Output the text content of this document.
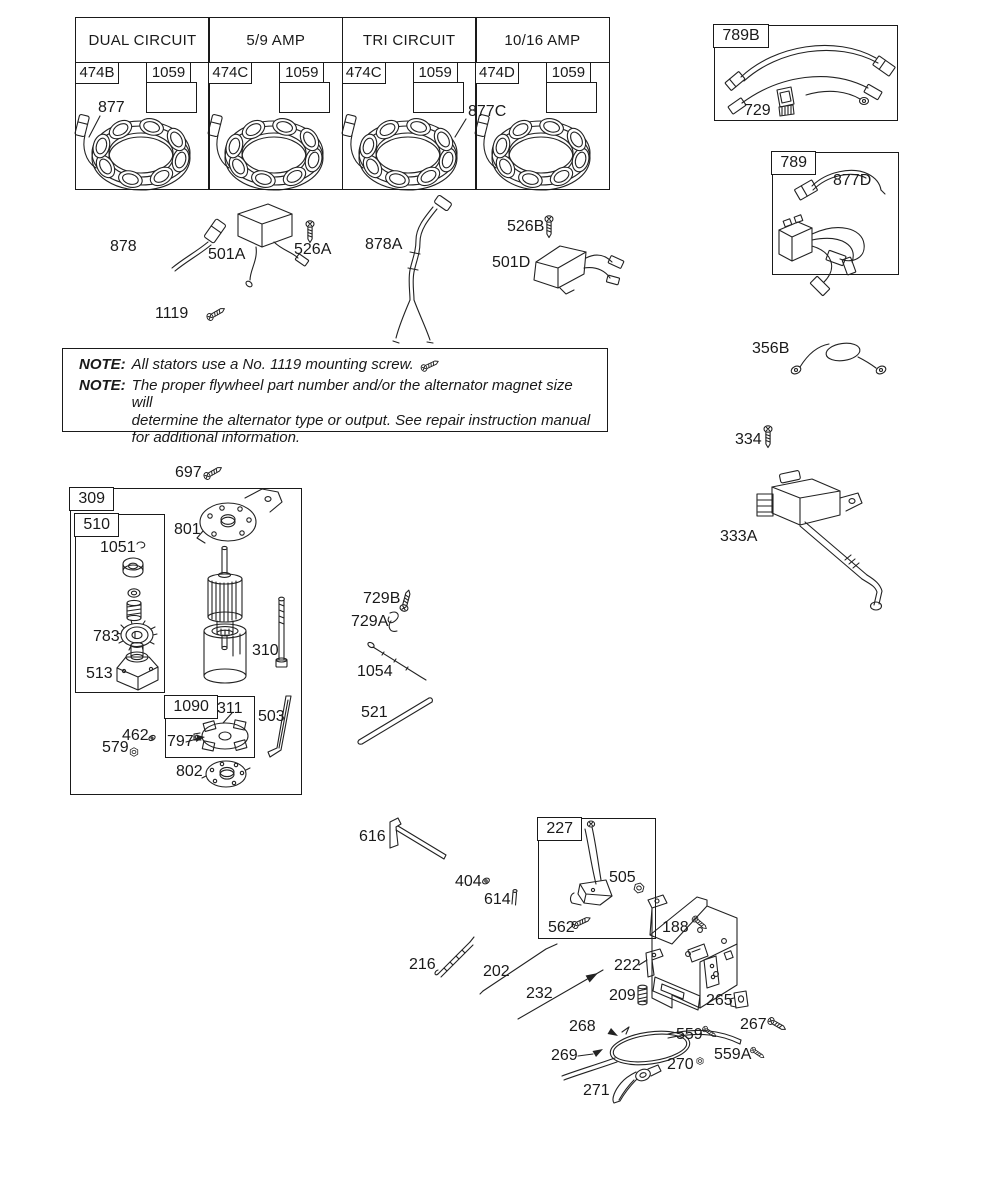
DUAL CIRCUIT
474B	1059
5/9 AMP
474C	1059
TRI CIRCUIT
474C	1059
10/16 AMP
474D	1059
789B
789
309
510
1090
227
NOTE: All stators use a No. 1119 mounting screw.
NOTE: The proper flywheel part number and/or the alternator magnet size will
determine the alternator type or output. See repair instruction manual
for additional information.
877	877C	729
877D
878	501A	526A 878A
526B
501D
1119
356B
334
333A
697
801
1051
783
513
310
311
797
503
462
579
802
729B
729A
1054
521
616
404
614
505
562	188
216	202
232
222
209	265
268
269
559
267
559A
270
271
